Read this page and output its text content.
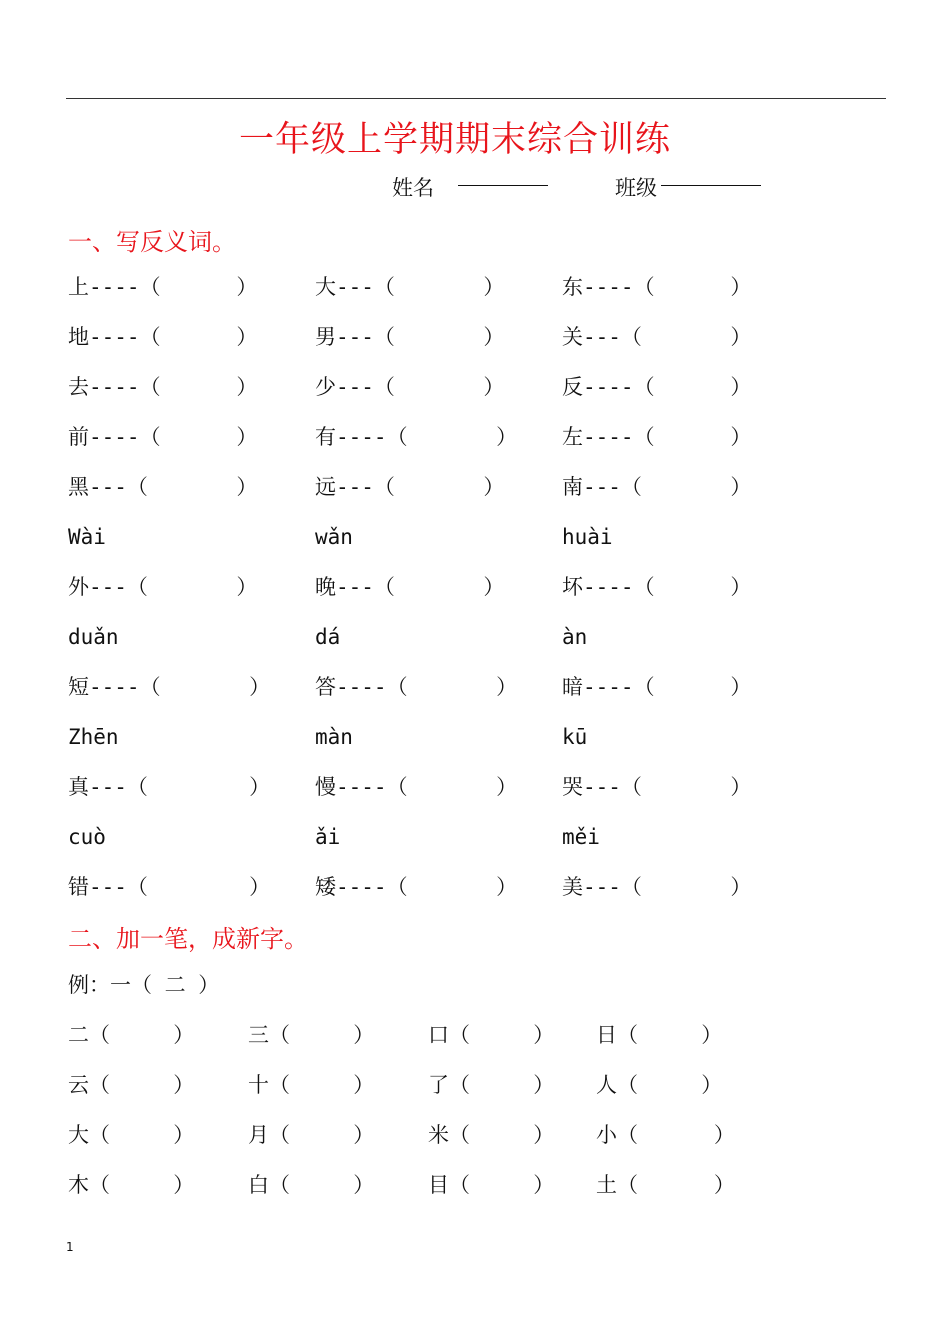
一年级上学期期末综合训练
姓名	班级
一、写反义词。
上----（      ）	大---（       ）	东----（      ）
地----（      ）	男---（       ）	关---（       ）
去----（      ）	少---（       ）	反----（      ）
前----（      ）	有----（       ） 左----（      ）
黑---（       ）	远---（       ）	南---（       ）
Wài	wǎn	huài
外---（       ）	晚---（       ）	坏----（      ）
duǎn	dá	àn
短----（       ） 答----（       ） 暗----（      ）
Zhēn	màn	kū
真---（        ） 慢----（       ） 哭---（       ）
cuò	ǎi	měi
错---（        ） 矮----（       ） 美---（       ）
二、加一笔，成新字。
例：一（ 二 ）
二（     ）	三（     ）	口（     ） 日（     ）
云（     ）	十（     ）	了（     ） 人（     ）
大（     ）	月（     ）	米（     ） 小（      ）
木（     ）	白（     ）	目（     ） 土（      ）
1
